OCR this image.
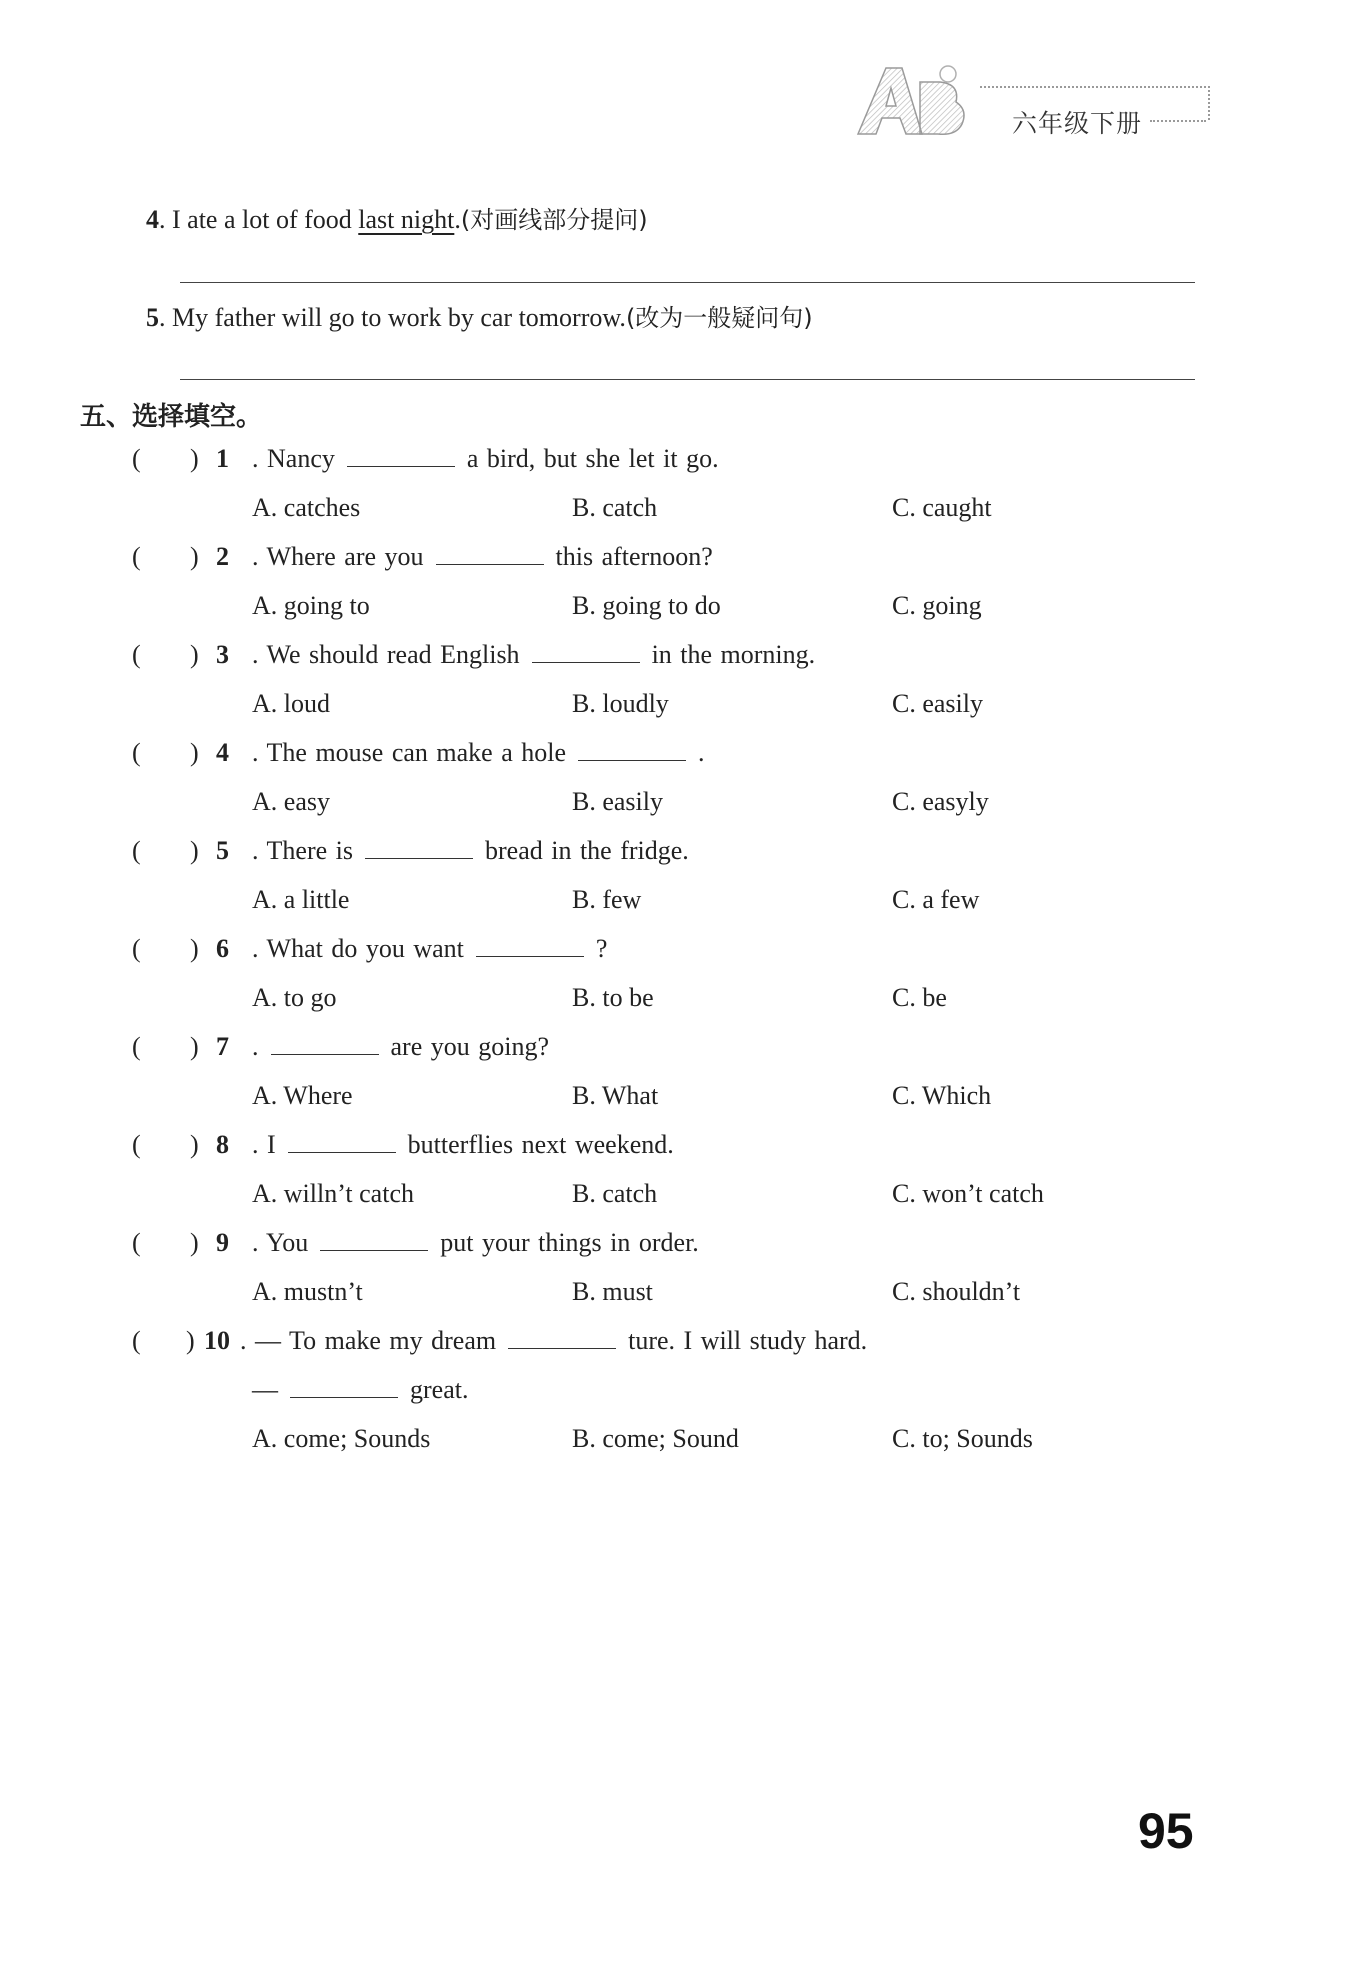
六年级下册
4. I ate a lot of food last night.(对画线部分提问)
5. My father will go to work by car tomorrow.(改为一般疑问句)
五、选择填空。
( ) 1 . Nancy	a bird, but she let it go.
A. catches	B. catch	C. caught
( ) 2 . Where are you	this afternoon?
A. going to	B. going to do	C. going
( ) 3 . We should read English	in the morning.
A. loud	B. loudly	C. easily
( ) 4 . The mouse can make a hole	.
A. easy	B. easily	C. easyly
( ) 5 . There is	bread in the fridge.
A. a little	B. few	C. a few
( ) 6 . What do you want	?
A. to go	B. to be	C. be
( ) 7 .	are you going?
A. Where	B. What	C. Which
( ) 8 . I	butterflies next weekend.
A. willn’t catch	B. catch	C. won’t catch
( ) 9 . You	put your things in order.
A. mustn’t	B. must	C. shouldn’t
( ) 10 . — To make my dream	ture. I will study hard.
—	great.
A. come; Sounds	B. come; Sound	C. to; Sounds
95
